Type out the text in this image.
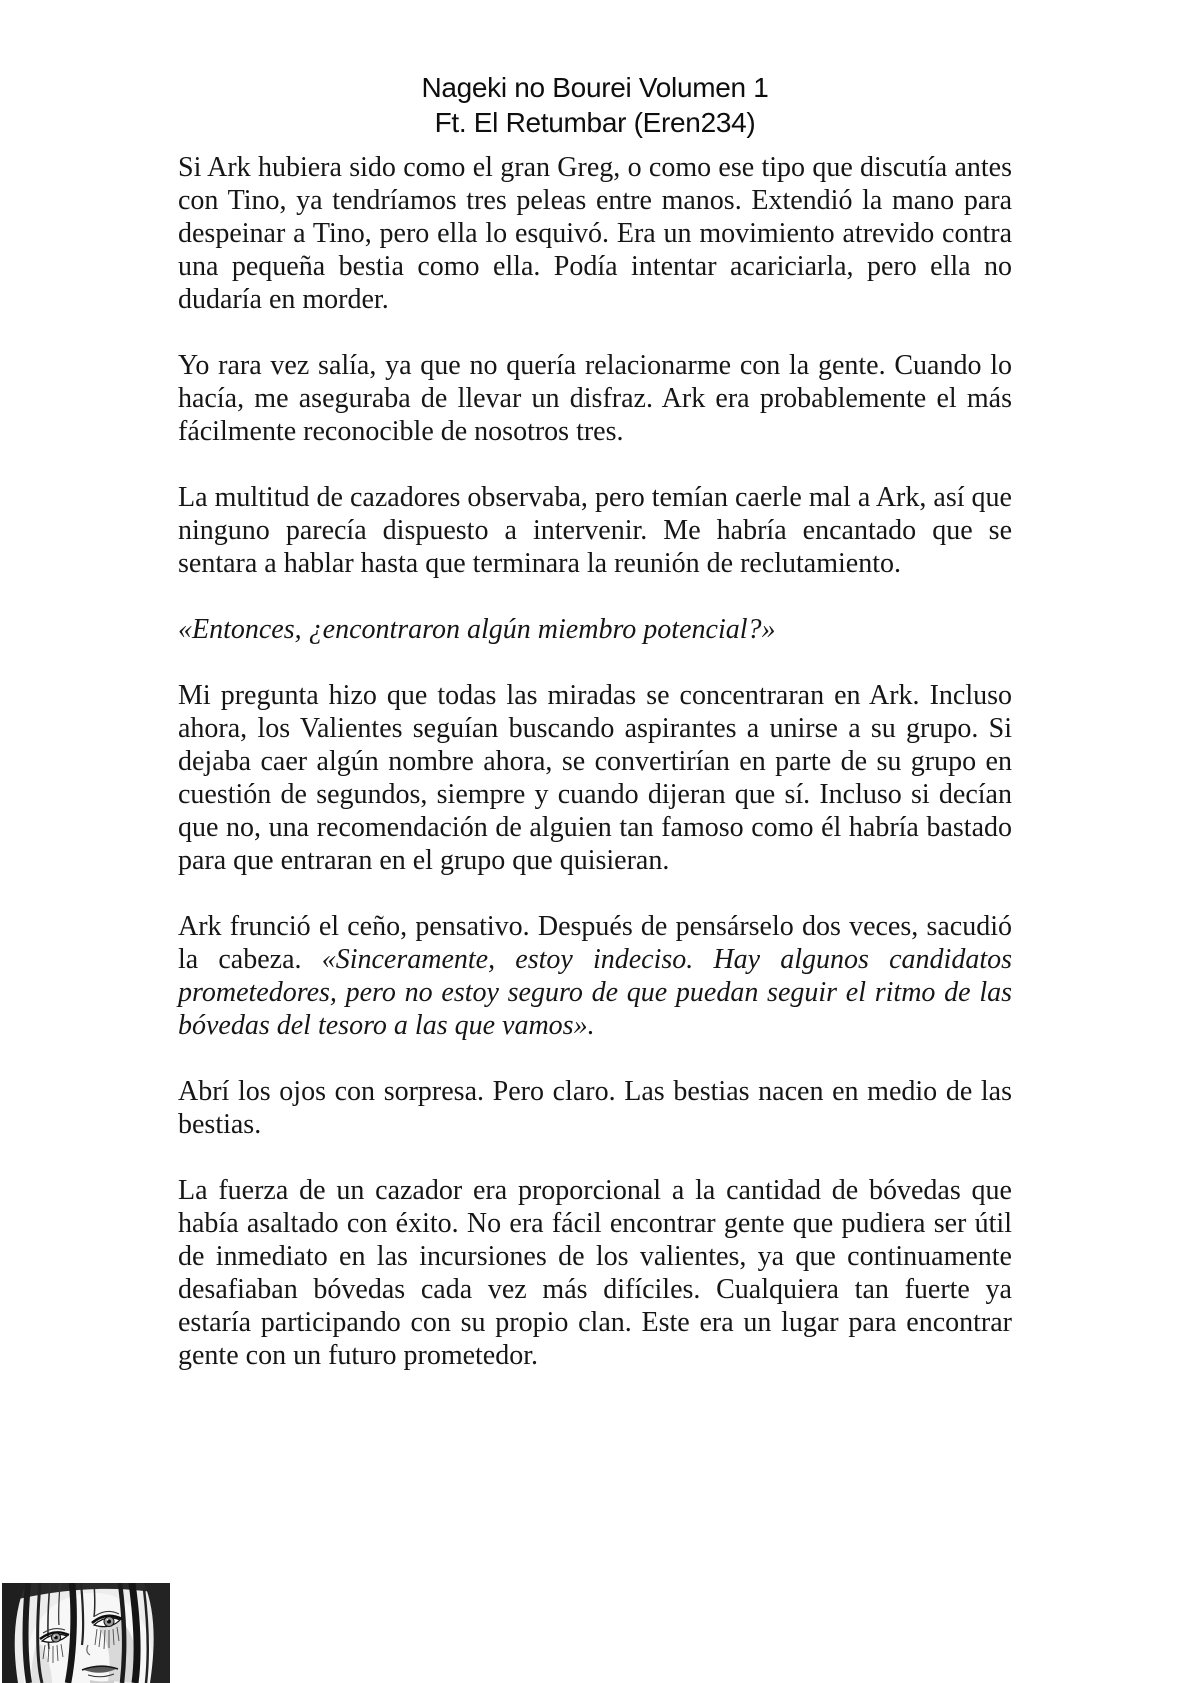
Nageki no Bourei Volumen 1
Ft. El Retumbar (Eren234)

Si Ark hubiera sido como el gran Greg, o como ese tipo que discutía antes con Tino, ya tendríamos tres peleas entre manos. Extendió la mano para despeinar a Tino, pero ella lo esquivó. Era un movimiento atrevido contra una pequeña bestia como ella. Podía intentar acariciarla, pero ella no dudaría en morder.

Yo rara vez salía, ya que no quería relacionarme con la gente. Cuando lo hacía, me aseguraba de llevar un disfraz. Ark era probablemente el más fácilmente reconocible de nosotros tres.

La multitud de cazadores observaba, pero temían caerle mal a Ark, así que ninguno parecía dispuesto a intervenir. Me habría encantado que se sentara a hablar hasta que terminara la reunión de reclutamiento.

«Entonces, ¿encontraron algún miembro potencial?»

Mi pregunta hizo que todas las miradas se concentraran en Ark. Incluso ahora, los Valientes seguían buscando aspirantes a unirse a su grupo. Si dejaba caer algún nombre ahora, se convertirían en parte de su grupo en cuestión de segundos, siempre y cuando dijeran que sí. Incluso si decían que no, una recomendación de alguien tan famoso como él habría bastado para que entraran en el grupo que quisieran.

Ark frunció el ceño, pensativo. Después de pensárselo dos veces, sacudió la cabeza. «Sinceramente, estoy indeciso. Hay algunos candidatos prometedores, pero no estoy seguro de que puedan seguir el ritmo de las bóvedas del tesoro a las que vamos».

Abrí los ojos con sorpresa. Pero claro. Las bestias nacen en medio de las bestias.

La fuerza de un cazador era proporcional a la cantidad de bóvedas que había asaltado con éxito. No era fácil encontrar gente que pudiera ser útil de inmediato en las incursiones de los valientes, ya que continuamente desafiaban bóvedas cada vez más difíciles. Cualquiera tan fuerte ya estaría participando con su propio clan. Este era un lugar para encontrar gente con un futuro prometedor.
